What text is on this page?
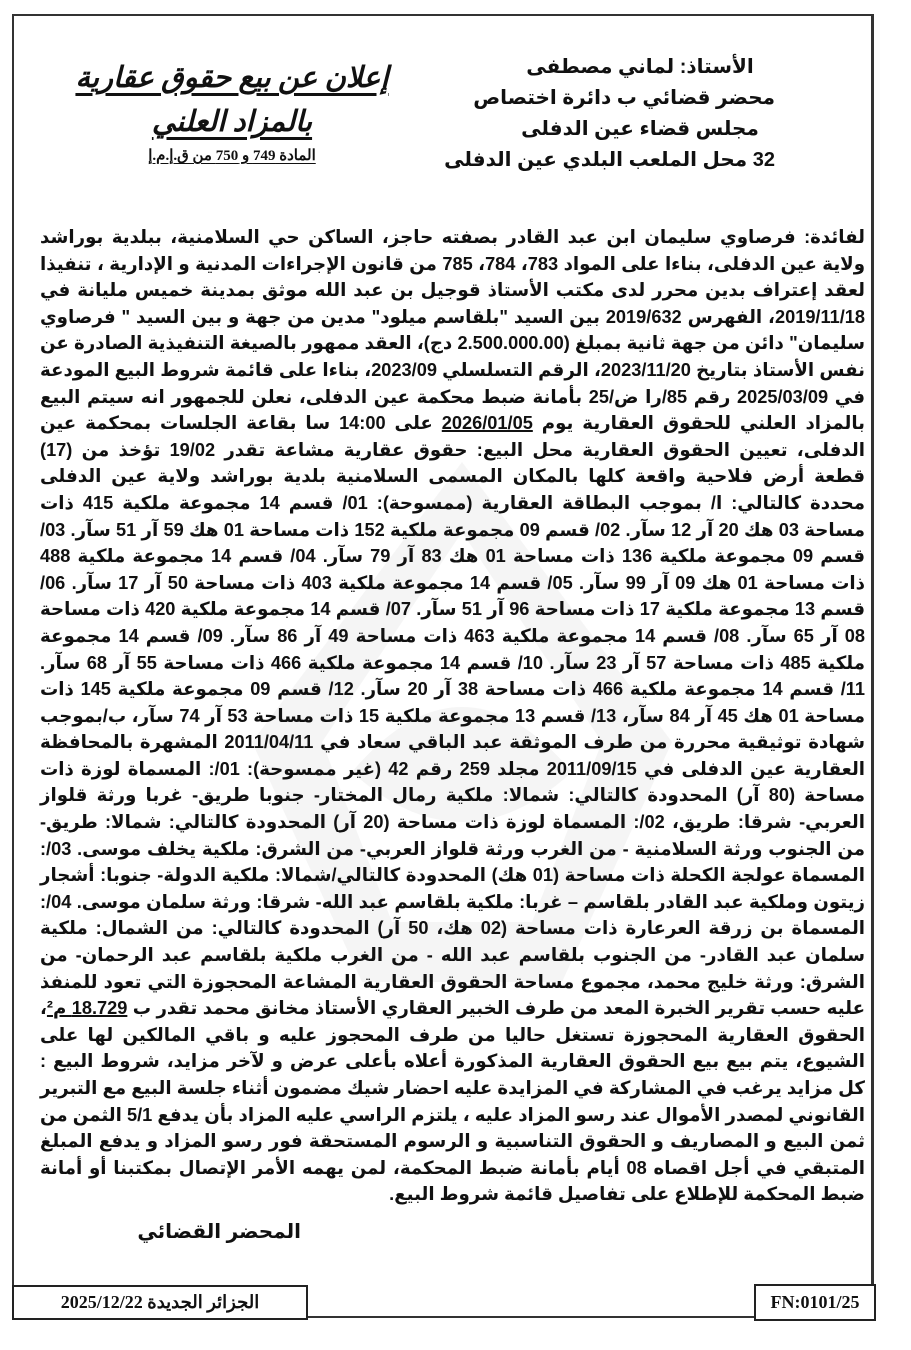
الأستاذ: لماني مصطفى
محضر قضائي ب دائرة اختصاص
مجلس قضاء عين الدفلى
32 محل الملعب البلدي عين الدفلى
إعلان عن بيع حقوق عقارية
بالمزاد العلني
المادة 749 و 750 من ق.إ.م.إ

لفائدة: فرصاوي سليمان ابن عبد القادر بصفته حاجز، الساكن حي السلامنية، ببلدية بوراشد ولاية عين الدفلى، بناءا على المواد 783، 784، 785 من قانون الإجراءات المدنية و الإدارية ، تنفيذا لعقد إعتراف بدين محرر لدى مكتب الأستاذ قوجيل بن عبد الله موثق بمدينة خميس مليانة في 2019/11/18، الفهرس 2019/632 بين السيد "بلقاسم ميلود" مدين من جهة و بين السيد " فرصاوي سليمان" دائن من جهة ثانية بمبلغ (2.500.000.00 دج)، العقد ممهور بالصيغة التنفيذية الصادرة عن نفس الأستاذ بتاريخ 2023/11/20، الرقم التسلسلي 2023/09، بناءا على قائمة شروط البيع المودعة في 2025/03/09 رقم 85/را ض/25 بأمانة ضبط محكمة عين الدفلى، نعلن للجمهور انه سيتم البيع بالمزاد العلني للحقوق العقارية يوم 2026/01/05 على 14:00 سا بقاعة الجلسات بمحكمة عين الدفلى، تعيين الحقوق العقارية محل البيع: حقوق عقارية مشاعة تقدر 19/02 تؤخذ من (17) قطعة أرض فلاحية واقعة كلها بالمكان المسمى السلامنية بلدية بوراشد ولاية عين الدفلى محددة كالتالي: ا/ بموجب البطاقة العقارية (ممسوحة): 01/ قسم 14 مجموعة ملكية 415 ذات مساحة 03 هك 20 آر 12 سآر. 02/ قسم 09 مجموعة ملكية 152 ذات مساحة 01 هك 59 آر 51 سآر. 03/ قسم 09 مجموعة ملكية 136 ذات مساحة 01 هك 83 آر 79 سآر. 04/ قسم 14 مجموعة ملكية 488 ذات مساحة 01 هك 09 آر 99 سآر. 05/ قسم 14 مجموعة ملكية 403 ذات مساحة 50 آر 17 سآر. 06/ قسم 13 مجموعة ملكية 17 ذات مساحة 96 آر 51 سآر. 07/ قسم 14 مجموعة ملكية 420 ذات مساحة 08 آر 65 سآر. 08/ قسم 14 مجموعة ملكية 463 ذات مساحة 49 آر 86 سآر. 09/ قسم 14 مجموعة ملكية 485 ذات مساحة 57 آر 23 سآر. 10/ قسم 14 مجموعة ملكية 466 ذات مساحة 55 آر 68 سآر. 11/ قسم 14 مجموعة ملكية 466 ذات مساحة 38 آر 20 سآر. 12/ قسم 09 مجموعة ملكية 145 ذات مساحة 01 هك 45 آر 84 سآر، 13/ قسم 13 مجموعة ملكية 15 ذات مساحة 53 آر 74 سآر، ب/بموجب شهادة توثيقية محررة من طرف الموثقة عبد الباقي سعاد في 2011/04/11 المشهرة بالمحافظة العقارية عين الدفلى في 2011/09/15 مجلد 259 رقم 42 (غير ممسوحة): 01/: المسماة لوزة ذات مساحة (80 آر) المحدودة كالتالي: شمالا: ملكية رمال المختار- جنوبا طريق- غربا ورثة قلواز العربي- شرقا: طريق، 02/: المسماة لوزة ذات مساحة (20 آر) المحدودة كالتالي: شمالا: طريق- من الجنوب ورثة السلامنية - من الغرب ورثة قلواز العربي- من الشرق: ملكية يخلف موسى. 03/: المسماة عولجة الكحلة ذات مساحة (01 هك) المحدودة كالتالي/شمالا: ملكية الدولة- جنوبا: أشجار زيتون وملكية عبد القادر بلقاسم – غربا: ملكية بلقاسم عبد الله- شرقا: ورثة سلمان موسى. 04/: المسماة بن زرقة العرعارة ذات مساحة (02 هك، 50 آر) المحدودة كالتالي: من الشمال: ملكية سلمان عبد القادر- من الجنوب بلقاسم عبد الله - من الغرب ملكية بلقاسم عبد الرحمان- من الشرق: ورثة خليج محمد، مجموع مساحة الحقوق العقارية المشاعة المحجوزة التي تعود للمنفذ عليه حسب تقرير الخبرة المعد من طرف الخبير العقاري الأستاذ مخانق محمد تقدر ب 18.729 م²، الحقوق العقارية المحجوزة تستغل حاليا من طرف المحجوز عليه و باقي المالكين لها على الشيوع، يتم بيع بيع الحقوق العقارية المذكورة أعلاه بأعلى عرض و لآخر مزايد، شروط البيع : كل مزايد يرغب في المشاركة في المزايدة عليه احضار شيك مضمون أثناء جلسة البيع مع التبرير القانوني لمصدر الأموال عند رسو المزاد عليه ، يلتزم الراسي عليه المزاد بأن يدفع 5/1 الثمن من ثمن البيع و المصاريف و الحقوق التناسبية و الرسوم المستحقة فور رسو المزاد و يدفع المبلغ المتبقي في أجل اقصاه 08 أيام بأمانة ضبط المحكمة، لمن يهمه الأمر الإتصال بمكتبنا أو أمانة ضبط المحكمة للإطلاع على تفاصيل قائمة شروط البيع.

المحضر القضائي
الجزائر الجديدة 2025/12/22	FN:0101/25
